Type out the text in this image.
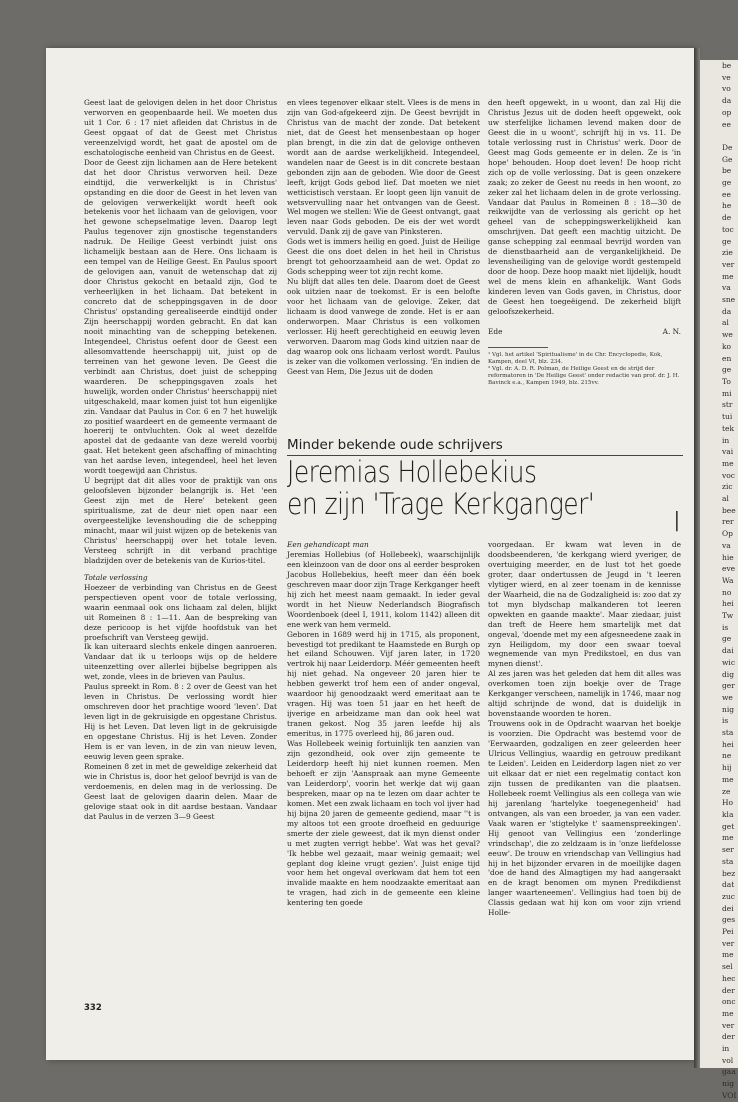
be
ve
vo
da
op
ee

De
Ge
be
ge
ee
he
de
toc
ge
zie
ver
me
va
sne
da
al
we
ko
en
ge
To
mi
str
tui
tek
in
vai
me
voc
zic
al
bee
rer
Op
va
hie
eve
Wa
no
hei
Tw
is
ge
dai
wic
dig
ger
we
nig
is
sta
hei
ne
hij
me
ze
Ho
kla
get
me
ser
sta
bez
dat
zuc
dei
ges
Pei
ver
me
sel
hec
der
onc
me
ver
der
in
vol
gaa
nig
VOI

Geest laat de gelovigen delen in het door Christus verworven en geopenbaarde heil. We moeten dus uit 1 Cor. 6 : 17 niet afleiden dat Christus in de Geest opgaat of dat de Geest met Christus vereenzelvigd wordt, het gaat de apostel om de eschatologische eenheid van Christus en de Geest.

Door de Geest zijn lichamen aan de Here betekent dat het door Christus verworven heil. Deze eindtijd, die verwerkelijkt is in Christus' opstanding en die door de Geest in het leven van de gelovigen verwerkelijkt wordt heeft ook betekenis voor het lichaam van de gelovigen, voor het gewone schepselmatige leven. Daarop legt Paulus tegenover zijn gnostische tegenstanders nadruk. De Heilige Geest verbindt juist ons lichamelijk bestaan aan de Here. Ons lichaam is een tempel van de Heilige Geest. En Paulus spoort de gelovigen aan, vanuit de wetenschap dat zij door Christus gekocht en betaald zijn, God te verheerlijken in het lichaam. Dat betekent in concreto dat de scheppingsgaven in de door Christus' opstanding gerealiseerde eindtijd onder Zijn heerschappij worden gebracht. En dat kan nooit minachting van de schepping betekenen. Integendeel, Christus oefent door de Geest een allesomvattende heerschappij uit, juist op de terreinen van het gewone leven. De Geest die verbindt aan Christus, doet juist de schepping waarderen. De scheppingsgaven zoals het huwelijk, worden onder Christus' heerschappij niet uitgeschakeld, maar komen juist tot hun eigenlijke zin. Vandaar dat Paulus in Cor. 6 en 7 het huwelijk zo positief waardeert en de gemeente vermaant de hoererij te ontvluchten. Ook al weet dezelfde apostel dat de gedaante van deze wereld voorbij gaat. Het betekent geen afschaffing of minachting van het aardse leven, integendeel, heel het leven wordt toegewijd aan Christus.

U begrijpt dat dit alles voor de praktijk van ons geloofsleven bijzonder belangrijk is. Het 'een Geest zijn met de Here' betekent geen spiritualisme, zat de deur niet open naar een overgeestelijke levenshouding die de schepping minacht, maar wil juist wijzen op de betekenis van Christus' heerschappij over het totale leven. Versteeg schrijft in dit verband prachtige bladzijden over de betekenis van de Kurios-titel.

Totale verlossing

Hoezeer de verbinding van Christus en de Geest perspectieven opent voor de totale verlossing, waarin eenmaal ook ons lichaam zal delen, blijkt uit Romeinen 8 : 1—11. Aan de bespreking van deze pericoop is het vijfde hoofdstuk van het proefschrift van Versteeg gewijd.

Ik kan uiteraard slechts enkele dingen aanroeren. Vandaar dat ik u terloops wijs op de heldere uiteenzetting over allerlei bijbelse begrippen als wet, zonde, vlees in de brieven van Paulus.

Paulus spreekt in Rom. 8 : 2 over de Geest van het leven in Christus. De verlossing wordt hier omschreven door het prachtige woord 'leven'. Dat leven ligt in de gekruisigde en opgestane Christus. Hij is het Leven. Dat leven ligt in de gekruisigde en opgestane Christus. Hij is het Leven. Zonder Hem is er van leven, in de zin van nieuw leven, eeuwig leven geen sprake.

Romeinen 8 zet in met de geweldige zekerheid dat wie in Christus is, door het geloof bevrijd is van de verdoemenis, en delen mag in de verlossing. De Geest laat de gelovigen daarin delen. Maar de gelovige staat ook in dit aardse bestaan. Vandaar dat Paulus in de verzen 3—9 Geest

en vlees tegenover elkaar stelt. Vlees is de mens in zijn van God-afgekeerd zijn. De Geest bevrijdt in Christus van de macht der zonde. Dat betekent niet, dat de Geest het mensenbestaan op hoger plan brengt, in die zin dat de gelovige ontheven wordt aan de aardse werkelijkheid. Integendeel, wandelen naar de Geest is in dit concrete bestaan gebonden zijn aan de geboden. Wie door de Geest leeft, krijgt Gods gebod lief. Dat moeten we niet wetticistisch verstaan. Er loopt geen lijn vanuit de wetsvervulling naar het ontvangen van de Geest. Wel mogen we stellen: Wie de Geest ontvangt, gaat leven naar Gods geboden. De eis der wet wordt vervuld. Dank zij de gave van Pinksteren.

Gods wet is immers heilig en goed. Juist de Heilige Geest die ons doet delen in het heil in Christus brengt tot gehoorzaamheid aan de wet. Opdat zo Gods schepping weer tot zijn recht kome.

Nu blijft dat alles ten dele. Daarom doet de Geest ook uitzien naar de toekomst. Er is een belofte voor het lichaam van de gelovige. Zeker, dat lichaam is dood vanwege de zonde. Het is er aan onderworpen. Maar Christus is een volkomen verlosser. Hij heeft gerechtigheid en eeuwig leven verworven. Daarom mag Gods kind uitzien naar de dag waarop ook ons lichaam verlost wordt. Paulus is zeker van die volkomen verlossing. 'En indien de Geest van Hem, Die Jezus uit de doden

den heeft opgewekt, in u woont, dan zal Hij die Christus Jezus uit de doden heeft opgewekt, ook uw sterfelijke lichamen levend maken door de Geest die in u woont', schrijft hij in vs. 11. De totale verlossing rust in Christus' werk. Door de Geest mag Gods gemeente er in delen. Ze is 'in hope' behouden. Hoop doet leven! De hoop richt zich op de volle verlossing. Dat is geen onzekere zaak; zo zeker de Geest nu reeds in hen woont, zo zeker zal het lichaam delen in de grote verlossing. Vandaar dat Paulus in Romeinen 8 : 18—30 de reikwijdte van de verlossing als gericht op het geheel van de scheppingswerkelijkheid kan omschrijven. Dat geeft een machtig uitzicht. De ganse schepping zal eenmaal bevrijd worden van de dienstbaarheid aan de vergankelijkheid. De levensheiliging van de gelovige wordt gestempeld door de hoop. Deze hoop maakt niet lijdelijk, houdt wel de mens klein en afhankelijk. Want Gods kinderen leven van Gods gaven, in Christus, door de Geest hen toegeëigend. De zekerheid blijft geloofszekerheid.

Ede	A. N.

¹ Vgl. het artikel 'Spiritualisme' in de Chr. Encyclopedie, Kok, Kampen, deel VI, blz. 234.

² Vgl. dr. A. D. R. Polman, de Heilige Geest en de strijd der reformatoren in 'De Heilige Geest' onder redactie van prof. dr. J. H. Bavinck e.a., Kampen 1949, blz. 215vv.

Minder bekende oude schrijvers
Jeremias Hollebekius
en zijn 'Trage Kerkganger'
I

Een gehandicapt man

Jeremias Hollebius (of Hollebeek), waarschijnlijk een kleinzoon van de door ons al eerder besproken Jacobus Hollebekius, heeft meer dan één boek geschreven maar door zijn Trage Kerkganger heeft hij zich het meest naam gemaakt. In ieder geval wordt in het Nieuw Nederlandsch Biografisch Woordenboek (deel I, 1911, kolom 1142) alleen dit ene werk van hem vermeld.

Geboren in 1689 werd hij in 1715, als proponent, bevestigd tot predikant te Haamstede en Burgh op het eiland Schouwen. Vijf jaren later, in 1720 vertrok hij naar Leiderdorp. Méér gemeenten heeft hij niet gehad. Na ongeveer 20 jaren hier te hebben gewerkt trof hem een of ander ongeval, waardoor hij genoodzaakt werd emeritaat aan te vragen. Hij was toen 51 jaar en het heeft de ijverige en arbeidzame man dan ook heel wat tranen gekost. Nog 35 jaren leefde hij als emeritus, in 1775 overleed hij, 86 jaren oud.

Was Hollebeek weinig fortuinlijk ten aanzien van zijn gezondheid, ook over zijn gemeente te Leiderdorp heeft hij niet kunnen roemen. Men behoeft er zijn 'Aanspraak aan myne Gemeente van Leiderdorp', voorin het werkje dat wij gaan bespreken, maar op na te lezen om daar achter te komen. Met een zwak lichaam en toch vol ijver had hij bijna 20 jaren de gemeente gediend, maar ''t is my altoos tot een groote droefheid en geduurige smerte der ziele geweest, dat ik myn dienst onder u met zugten verrigt hebbe'. Wat was het geval? 'Ik hebbe wel gezaait, maar weinig gemaait; wel geplant dog kleine vrugt gezien'. Juist enige tijd voor hem het ongeval overkwam dat hem tot een invalide maakte en hem noodzaakte emeritaat aan te vragen, had zich in de gemeente een kleine kentering ten goede

voorgedaan. Er kwam wat leven in de doodsbeenderen, 'de kerkgang wierd yveriger, de overtuiging meerder, en de lust tot het goede groter, daar ondertussen de Jeugd in 't leeren vlytiger wierd, en al zeer toenam in de kennisse der Waarheid, die na de Godzaligheid is: zoo dat zy tot myn blydschap malkanderen tot leeren opwekten en gaande maakte'. Maar ziedaar, juist dan treft de Heere hem smartelijk met dat ongeval, 'doende met my een afgesneedene zaak in zyn Heiligdom, my door een swaar toeval wegnemende van myn Predikstoel, en dus van mynen dienst'.

Al zes jaren was het geleden dat hem dit alles was overkomen toen zijn boekje over de Trage Kerkganger verscheen, namelijk in 1746, maar nog altijd schrijnde de wond, dat is duidelijk in bovenstaande woorden te horen.

Trouwens ook in de Opdracht waarvan het boekje is voorzien. Die Opdracht was bestemd voor de 'Eerwaarden, godzaligen en zeer geleerden heer Ulricus Vellingius, waardig en getrouw predikant te Leiden'. Leiden en Leiderdorp lagen niet zo ver uit elkaar dat er niet een regelmatig contact kon zijn tussen de predikanten van die plaatsen. Hollebeek roemt Vellingius als een collega van wie hij jarenlang 'hartelyke toegenegenheid' had ontvangen, als van een broeder, ja van een vader. Vaak waren er 'stigtelyke t' saamenspreekingen'. Hij genoot van Vellingius een 'zonderlinge vrindschap', die zo zeldzaam is in 'onze liefdelosse eeuw'. De trouw en vriendschap van Vellingius had hij in het bijzonder ervaren in de moeilijke dagen 'doe de hand des Almagtigen my had aangeraakt en de kragt benomen om mynen Predikdienst langer waarteneemen'. Vellingius had toen bij de Classis gedaan wat hij kon om voor zijn vriend Holle-

332
